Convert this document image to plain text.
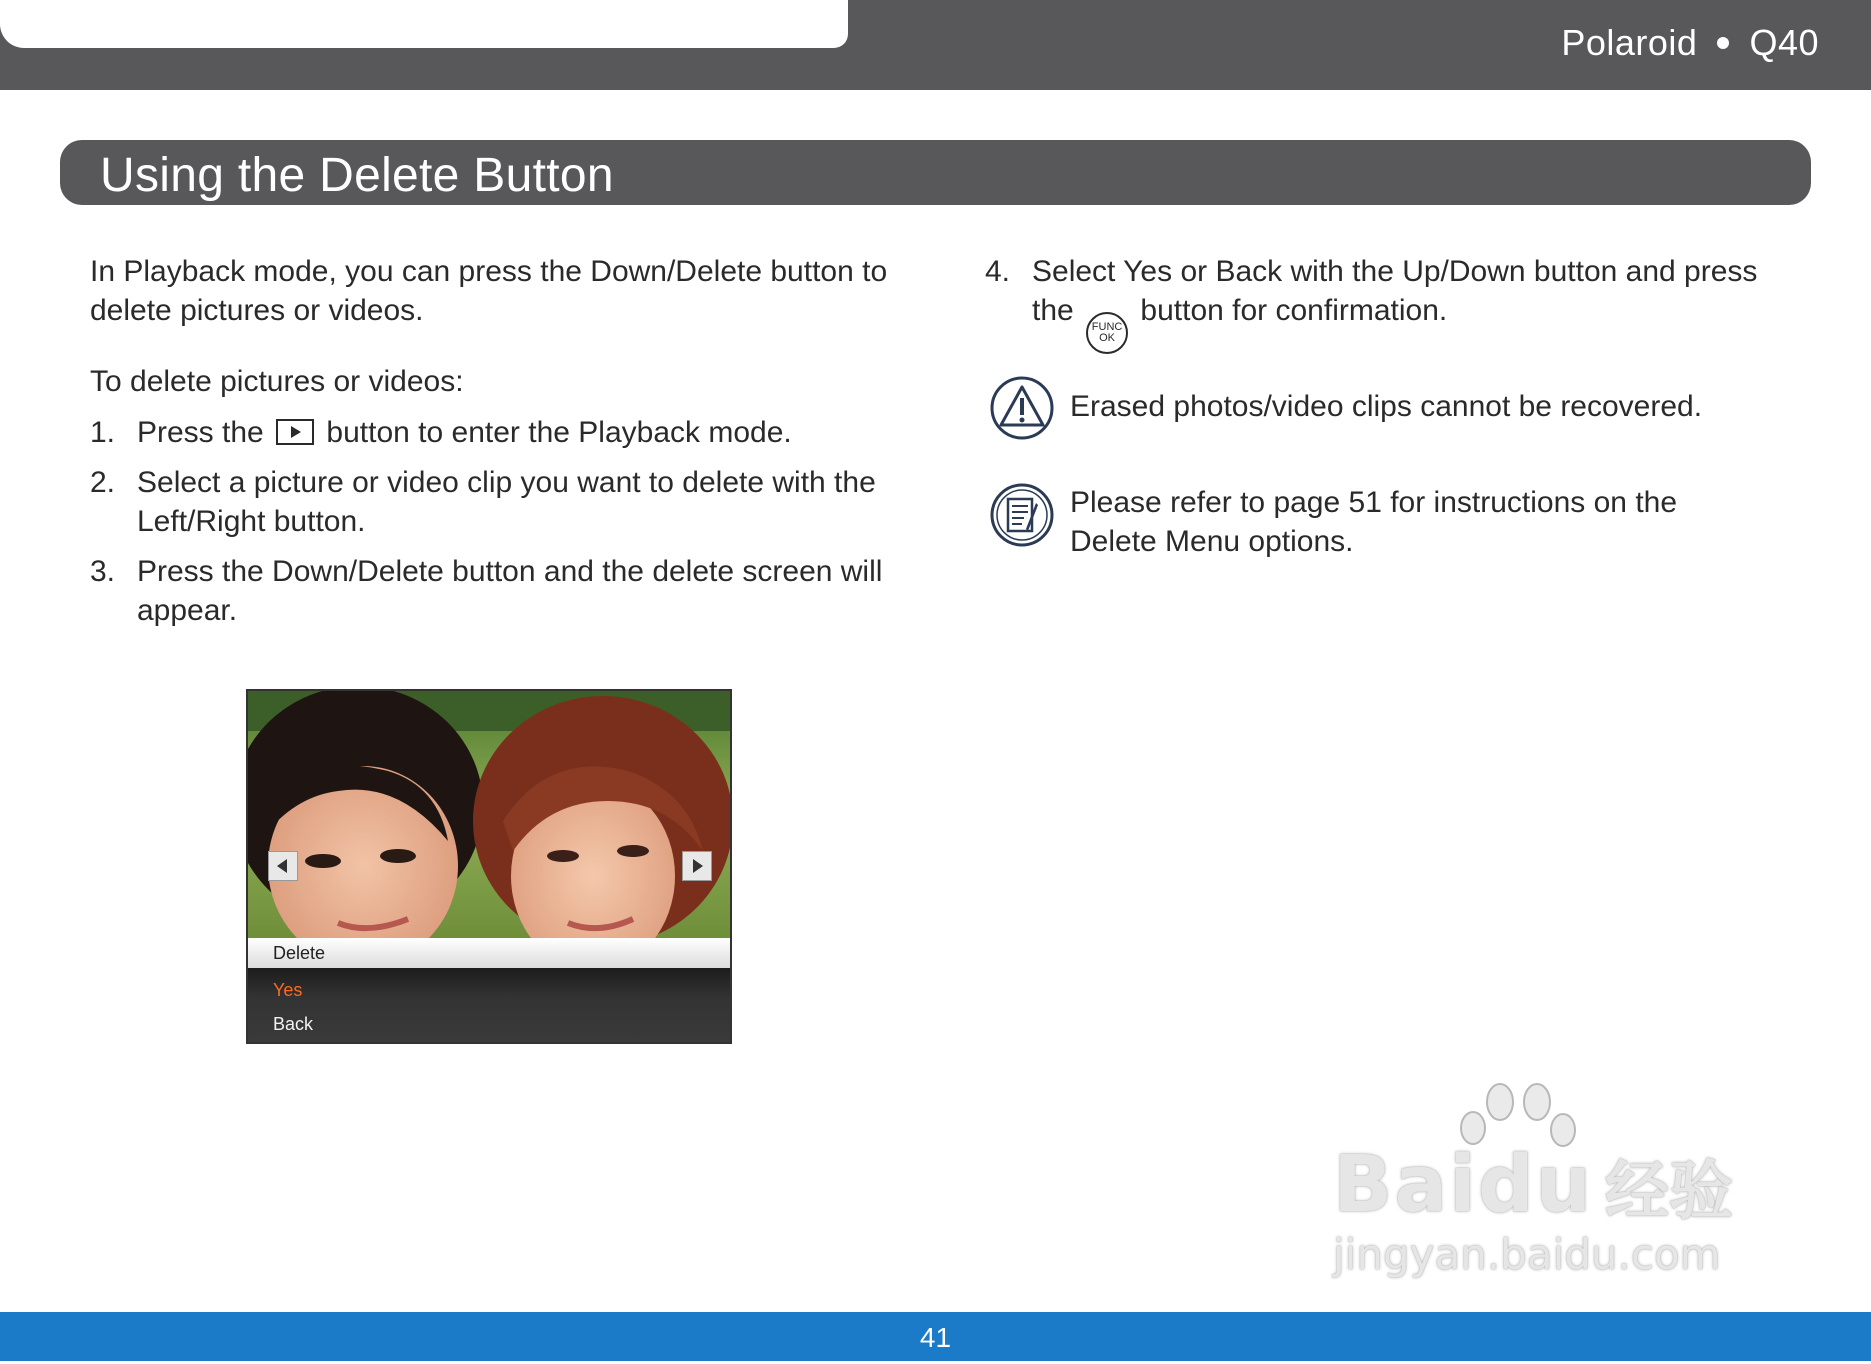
Polaroid Q40
Using the Delete Button

In Playback mode, you can press the Down/Delete button to delete pictures or videos.

To delete pictures or videos:

1. Press the button to enter the Playback mode.
2. Select a picture or video clip you want to delete with the Left/Right button.
3. Press the Down/Delete button and the delete screen will appear.
Delete
Yes
Back
4. Select Yes or Back with the Up/Down button and press the FUNC
OK
button for confirmation.
Erased photos/video clips cannot be recovered.
Please refer to page 51 for instructions on the Delete Menu options.
Baidu 经验
jingyan.baidu.com
41
